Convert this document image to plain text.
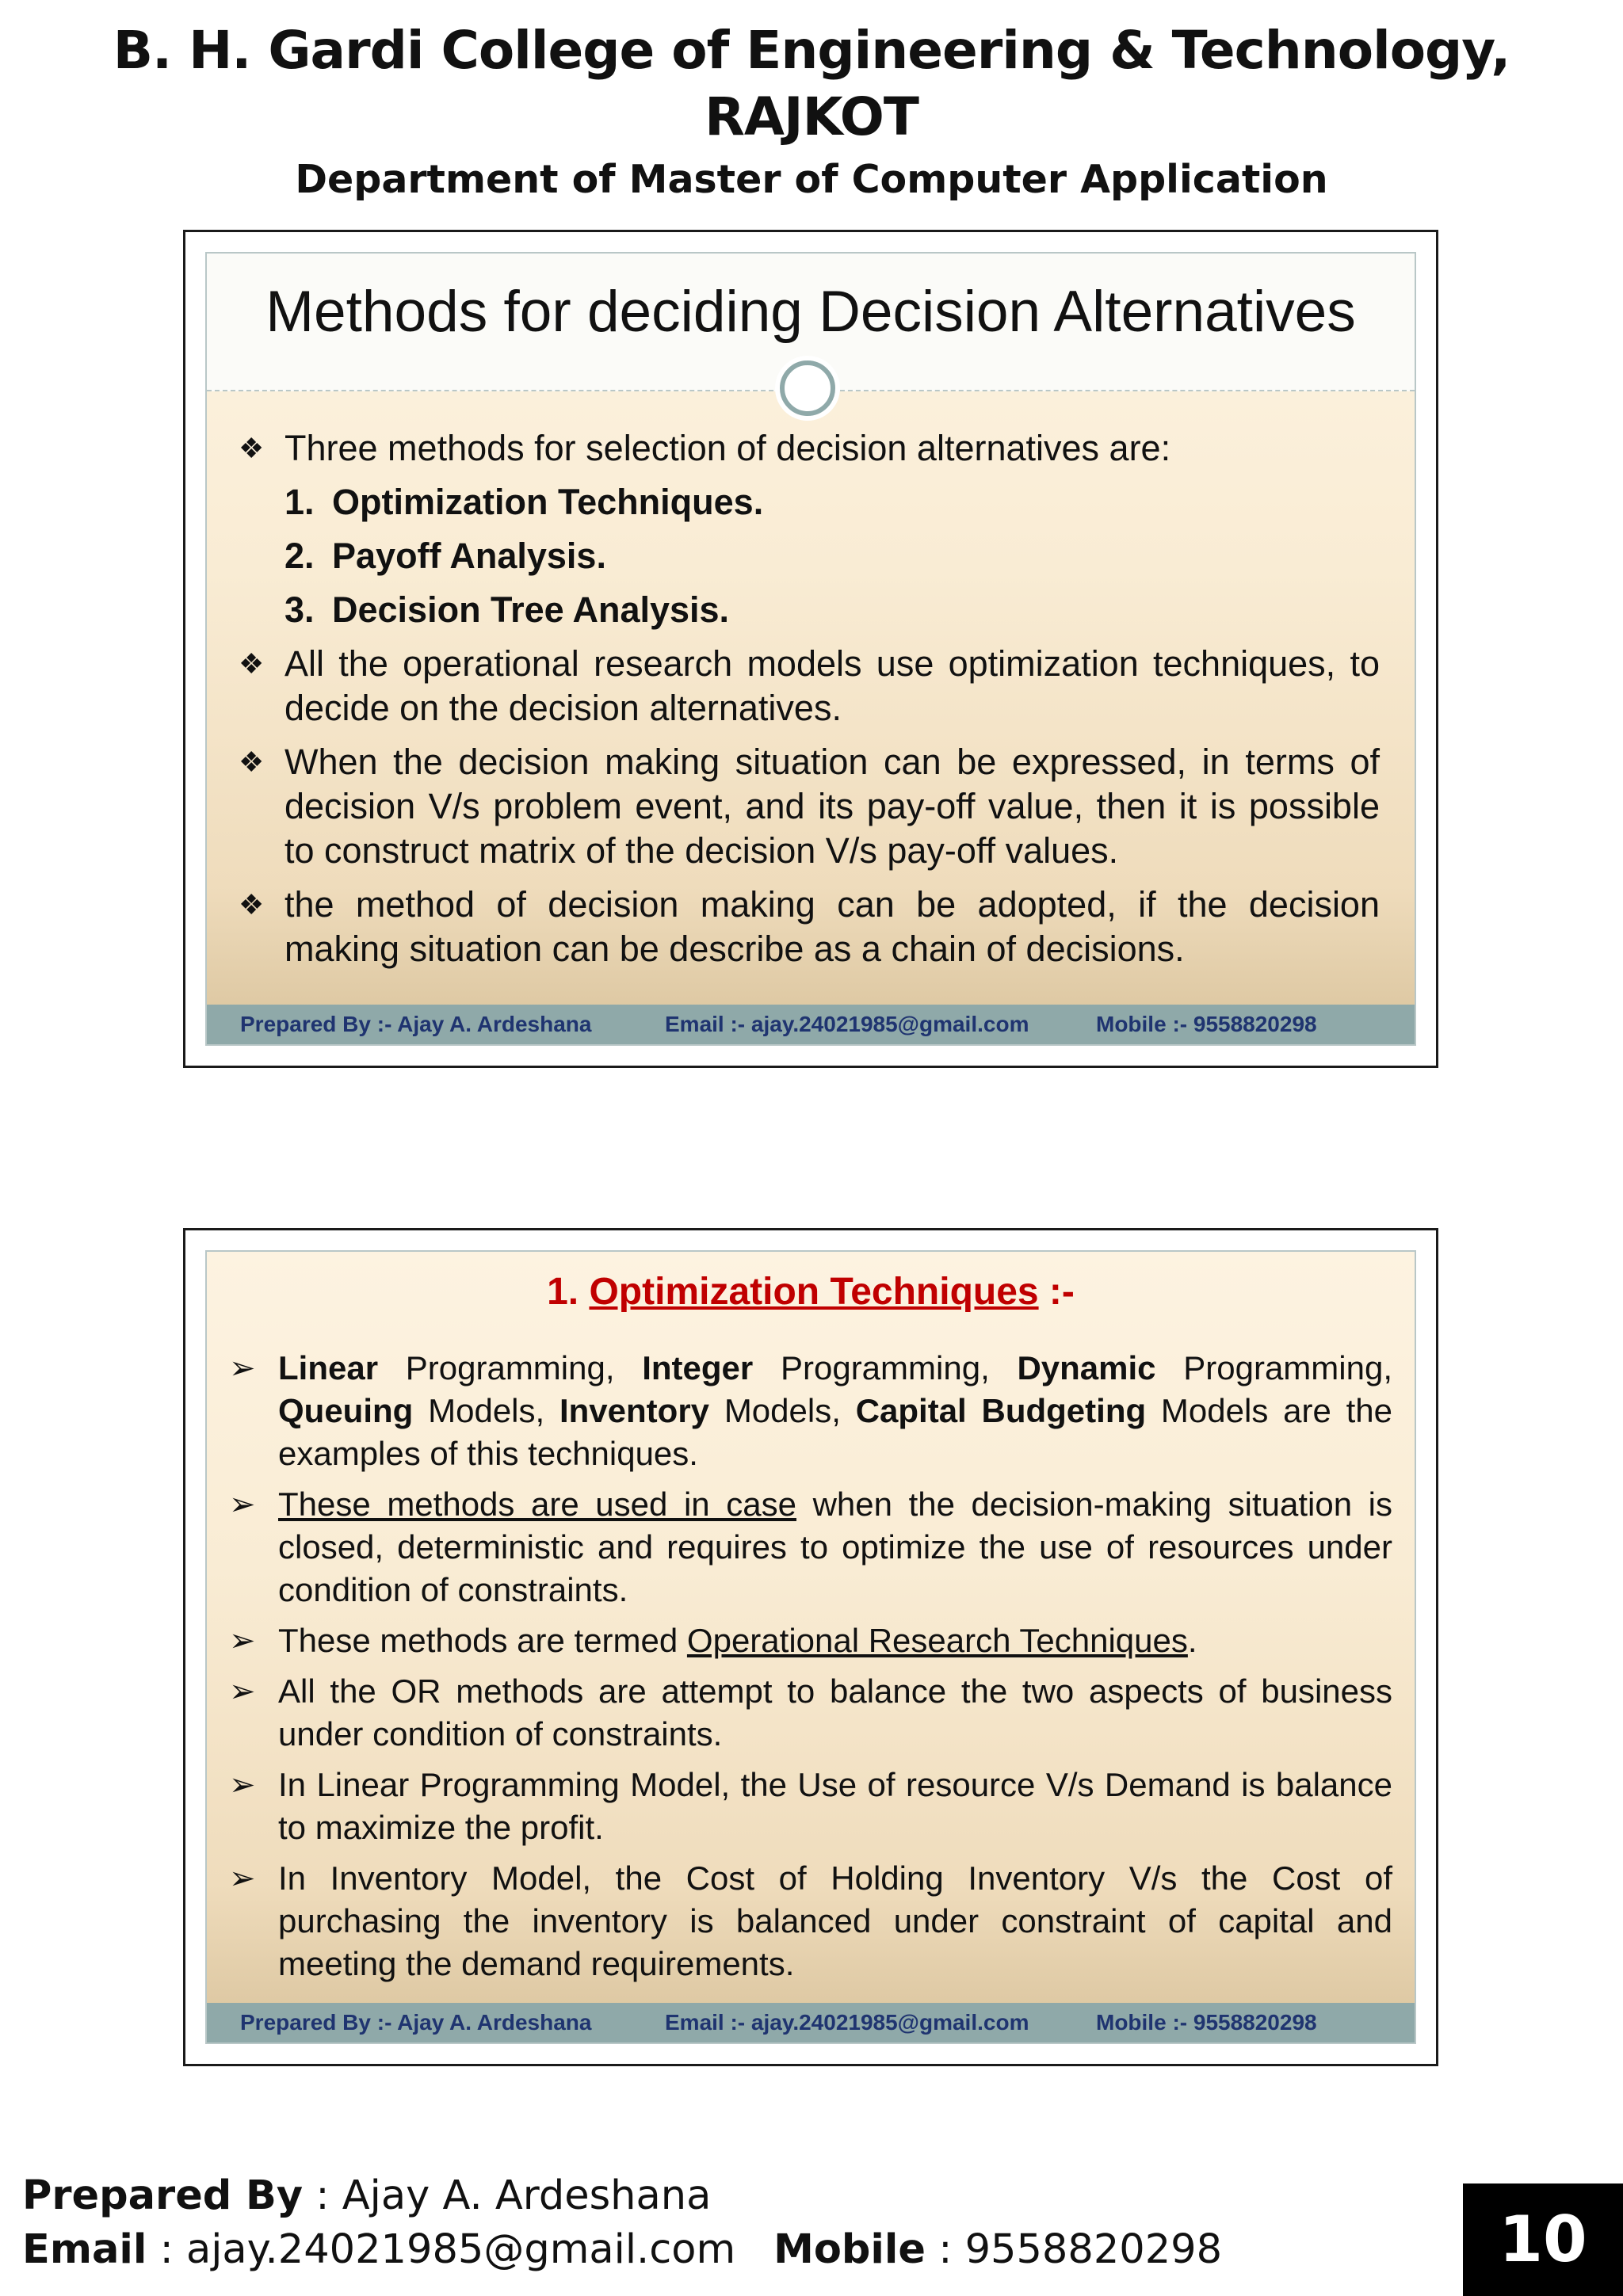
B. H. Gardi College of Engineering & Technology, RAJKOT
Department of Master of Computer Application
Methods for deciding Decision Alternatives
❖ Three methods for selection of decision alternatives are:
1. Optimization Techniques.
2. Payoff Analysis.
3. Decision Tree Analysis.
❖ All the operational research models use optimization techniques, to decide on the decision alternatives.
❖ When the decision making situation can be expressed, in terms of decision V/s problem event, and its pay-off value, then it is possible to construct matrix of the decision V/s pay-off values.
❖ the method of decision making can be adopted, if the decision making situation can be describe as a chain of decisions.
Prepared By :- Ajay A. Ardeshana	Email :- ajay.24021985@gmail.com	Mobile :- 9558820298
1. Optimization Techniques :-
➢ Linear Programming, Integer Programming, Dynamic Programming, Queuing Models, Inventory Models, Capital Budgeting Models are the examples of this techniques.
➢ These methods are used in case when the decision-making situation is closed, deterministic and requires to optimize the use of resources under condition of constraints.
➢ These methods are termed Operational Research Techniques.
➢ All the OR methods are attempt to balance the two aspects of business under condition of constraints.
➢ In Linear Programming Model, the Use of resource V/s Demand is balance to maximize the profit.
➢ In Inventory Model, the Cost of Holding Inventory V/s the Cost of purchasing the inventory is balanced under constraint of capital and meeting the demand requirements.
Prepared By :- Ajay A. Ardeshana	Email :- ajay.24021985@gmail.com	Mobile :- 9558820298
Prepared By : Ajay A. Ardeshana
Email : ajay.24021985@gmail.com Mobile : 9558820298	10
